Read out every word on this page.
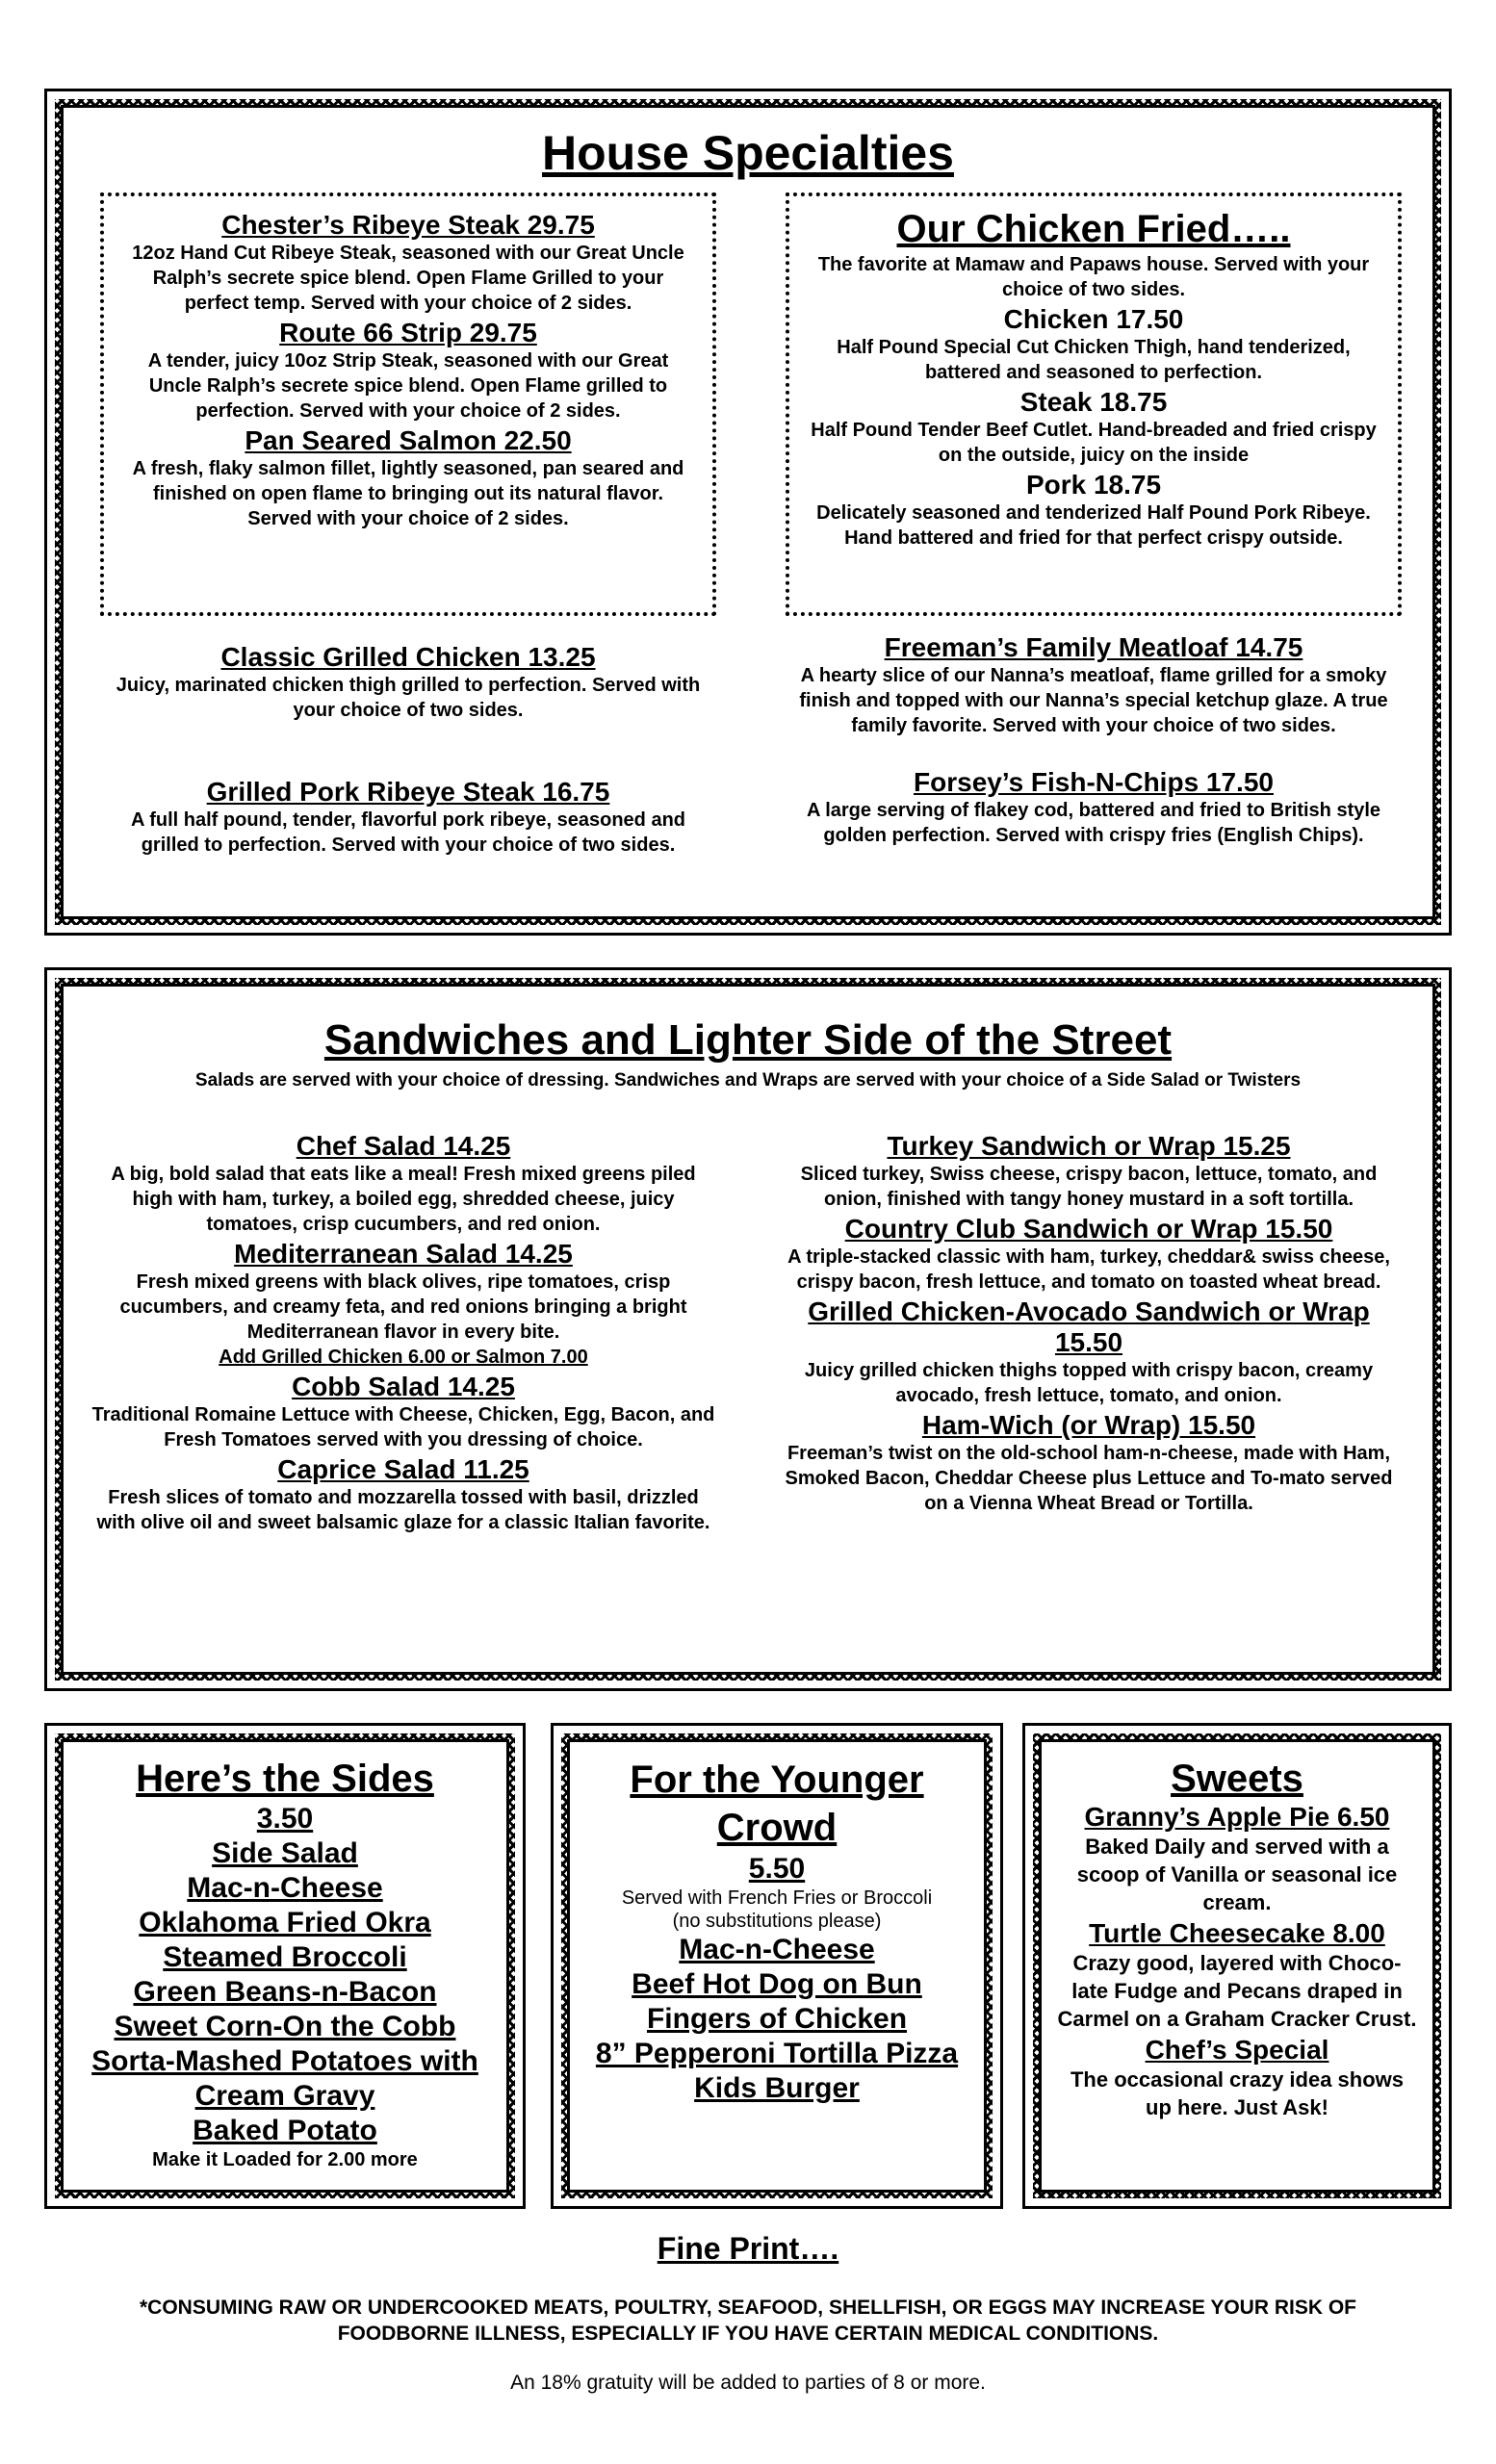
House Specialties

Chester’s Ribeye Steak 29.75

12oz Hand Cut Ribeye Steak, seasoned with our Great Uncle Ralph’s secrete spice blend. Open Flame Grilled to your perfect temp. Served with your choice of 2 sides.

Route 66 Strip 29.75

A tender, juicy 10oz Strip Steak, seasoned with our Great Uncle Ralph’s secrete spice blend. Open Flame grilled to perfection. Served with your choice of 2 sides.

Pan Seared Salmon 22.50

A fresh, flaky salmon fillet, lightly seasoned, pan seared and finished on open flame to bringing out its natural flavor. Served with your choice of 2 sides.

Our Chicken Fried…..

The favorite at Mamaw and Papaws house. Served with your choice of two sides.

Chicken 17.50

Half Pound Special Cut Chicken Thigh, hand tenderized, battered and seasoned to perfection.

Steak 18.75

Half Pound Tender Beef Cutlet. Hand-breaded and fried crispy on the outside, juicy on the inside

Pork 18.75

Delicately seasoned and tenderized Half Pound Pork Ribeye. Hand battered and fried for that perfect crispy outside.

Classic Grilled Chicken 13.25

Juicy, marinated chicken thigh grilled to perfection. Served with your choice of two sides.

Grilled Pork Ribeye Steak 16.75

A full half pound, tender, flavorful pork ribeye, seasoned and grilled to perfection. Served with your choice of two sides.

Freeman’s Family Meatloaf 14.75

A hearty slice of our Nanna’s meatloaf, flame grilled for a smoky finish and topped with our Nanna’s special ketchup glaze. A true family favorite. Served with your choice of two sides.

Forsey’s Fish-N-Chips 17.50

A large serving of flakey cod, battered and fried to British style golden perfection. Served with crispy fries (English Chips).

Sandwiches and Lighter Side of the Street

Salads are served with your choice of dressing. Sandwiches and Wraps are served with your choice of a Side Salad or Twisters

Chef Salad 14.25

A big, bold salad that eats like a meal! Fresh mixed greens piled high with ham, turkey, a boiled egg, shredded cheese, juicy tomatoes, crisp cucumbers, and red onion.

Mediterranean Salad 14.25

Fresh mixed greens with black olives, ripe tomatoes, crisp cucumbers, and creamy feta, and red onions bringing a bright Mediterranean flavor in every bite.

Add Grilled Chicken 6.00 or Salmon 7.00

Cobb Salad 14.25

Traditional Romaine Lettuce with Cheese, Chicken, Egg, Bacon, and Fresh Tomatoes served with you dressing of choice.

Caprice Salad 11.25

Fresh slices of tomato and mozzarella tossed with basil, drizzled with olive oil and sweet balsamic glaze for a classic Italian favorite.

Turkey Sandwich or Wrap 15.25

Sliced turkey, Swiss cheese, crispy bacon, lettuce, tomato, and onion, finished with tangy honey mustard in a soft tortilla.

Country Club Sandwich or Wrap 15.50

A triple-stacked classic with ham, turkey, cheddar& swiss cheese, crispy bacon, fresh lettuce, and tomato on toasted wheat bread.

Grilled Chicken-Avocado Sandwich or Wrap 15.50

Juicy grilled chicken thighs topped with crispy bacon, creamy avocado, fresh lettuce, tomato, and onion.

Ham-Wich (or Wrap) 15.50

Freeman’s twist on the old-school ham-n-cheese, made with Ham, Smoked Bacon, Cheddar Cheese plus Lettuce and To-mato served on a Vienna Wheat Bread or Tortilla.

Here’s the Sides
3.50
Side Salad
Mac-n-Cheese
Oklahoma Fried Okra
Steamed Broccoli
Green Beans-n-Bacon
Sweet Corn-On the Cobb
Sorta-Mashed Potatoes with Cream Gravy
Baked Potato
Make it Loaded for 2.00 more
For the Younger Crowd
5.50
Served with French Fries or Broccoli
(no substitutions please)
Mac-n-Cheese
Beef Hot Dog on Bun
Fingers of Chicken
8” Pepperoni Tortilla Pizza
Kids Burger
Sweets

Granny’s Apple Pie 6.50

Baked Daily and served with a scoop of Vanilla or seasonal ice cream.

Turtle Cheesecake 8.00

Crazy good, layered with Choco-late Fudge and Pecans draped in Carmel on a Graham Cracker Crust.

Chef’s Special

The occasional crazy idea shows up here. Just Ask!

Fine Print….
*CONSUMING RAW OR UNDERCOOKED MEATS, POULTRY, SEAFOOD, SHELLFISH, OR EGGS MAY INCREASE YOUR RISK OF FOODBORNE ILLNESS, ESPECIALLY IF YOU HAVE CERTAIN MEDICAL CONDITIONS.
An 18% gratuity will be added to parties of 8 or more.
